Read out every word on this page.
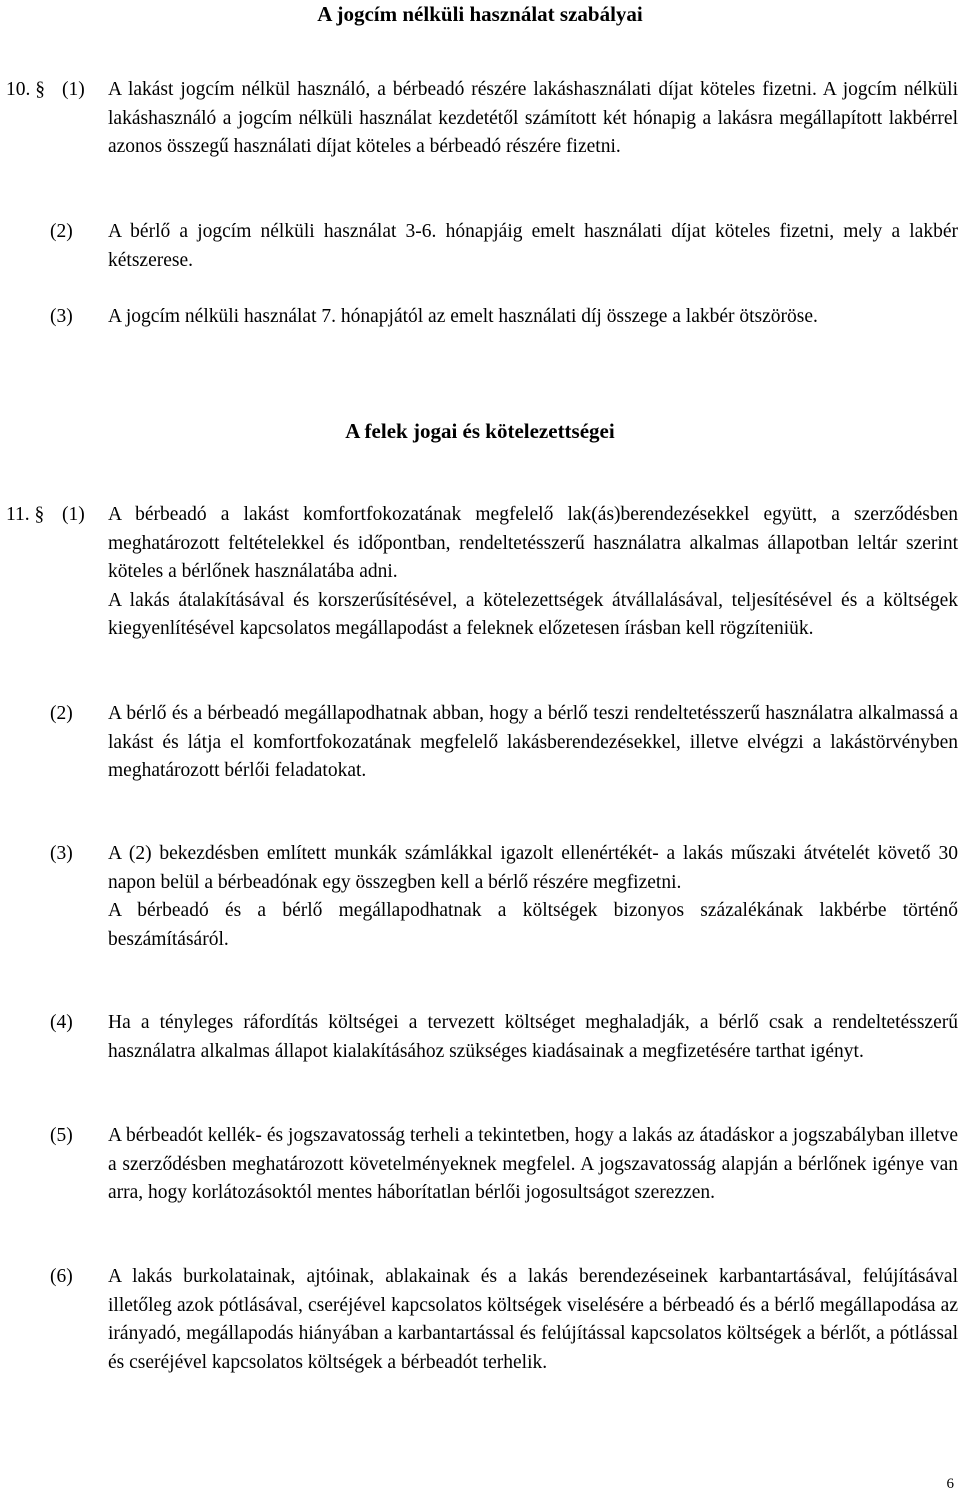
A jogcím nélküli használat szabályai
10. § (1) A lakást jogcím nélkül használó, a bérbeadó részére lakáshasználati díjat köteles fizetni. A jogcím nélküli lakáshasználó a jogcím nélküli használat kezdetétől számított két hónapig a lakásra megállapított lakbérrel azonos összegű használati díjat köteles a bérbeadó részére fizetni.
(2) A bérlő a jogcím nélküli használat 3-6. hónapjáig emelt használati díjat köteles fizetni, mely a lakbér kétszerese.
(3) A jogcím nélküli használat 7. hónapjától az emelt használati díj összege a lakbér ötszöröse.
A felek jogai és kötelezettségei
11. § (1) A bérbeadó a lakást komfortfokozatának megfelelő lak(ás)berendezésekkel együtt, a szerződésben meghatározott feltételekkel és időpontban, rendeltetésszerű használatra alkalmas állapotban leltár szerint köteles a bérlőnek használatába adni.
A lakás átalakításával és korszerűsítésével, a kötelezettségek átvállalásával, teljesítésével és a költségek kiegyenlítésével kapcsolatos megállapodást a feleknek előzetesen írásban kell rögzíteniük.
(2) A bérlő és a bérbeadó megállapodhatnak abban, hogy a bérlő teszi rendeltetésszerű használatra alkalmassá a lakást és látja el komfortfokozatának megfelelő lakásberendezésekkel, illetve elvégzi a lakástörvényben meghatározott bérlői feladatokat.
(3) A (2) bekezdésben említett munkák számlákkal igazolt ellenértékét- a lakás műszaki átvételét követő 30 napon belül a bérbeadónak egy összegben kell a bérlő részére megfizetni.
A bérbeadó és a bérlő megállapodhatnak a költségek bizonyos százalékának lakbérbe történő beszámításáról.
(4) Ha a tényleges ráfordítás költségei a tervezett költséget meghaladják, a bérlő csak a rendeltetésszerű használatra alkalmas állapot kialakításához szükséges kiadásainak a megfizetésére tarthat igényt.
(5) A bérbeadót kellék- és jogszavatosság terheli a tekintetben, hogy a lakás az átadáskor a jogszabályban illetve a szerződésben meghatározott követelményeknek megfelel. A jogszavatosság alapján a bérlőnek igénye van arra, hogy korlátozásoktól mentes háborítatlan bérlői jogosultságot szerezzen.
(6) A lakás burkolatainak, ajtóinak, ablakainak és a lakás berendezéseinek karbantartásával, felújításával illetőleg azok pótlásával, cseréjével kapcsolatos költségek viselésére a bérbeadó és a bérlő megállapodása az irányadó, megállapodás hiányában a karbantartással és felújítással kapcsolatos költségek a bérlőt, a pótlással és cseréjével kapcsolatos költségek a bérbeadót terhelik.
6
